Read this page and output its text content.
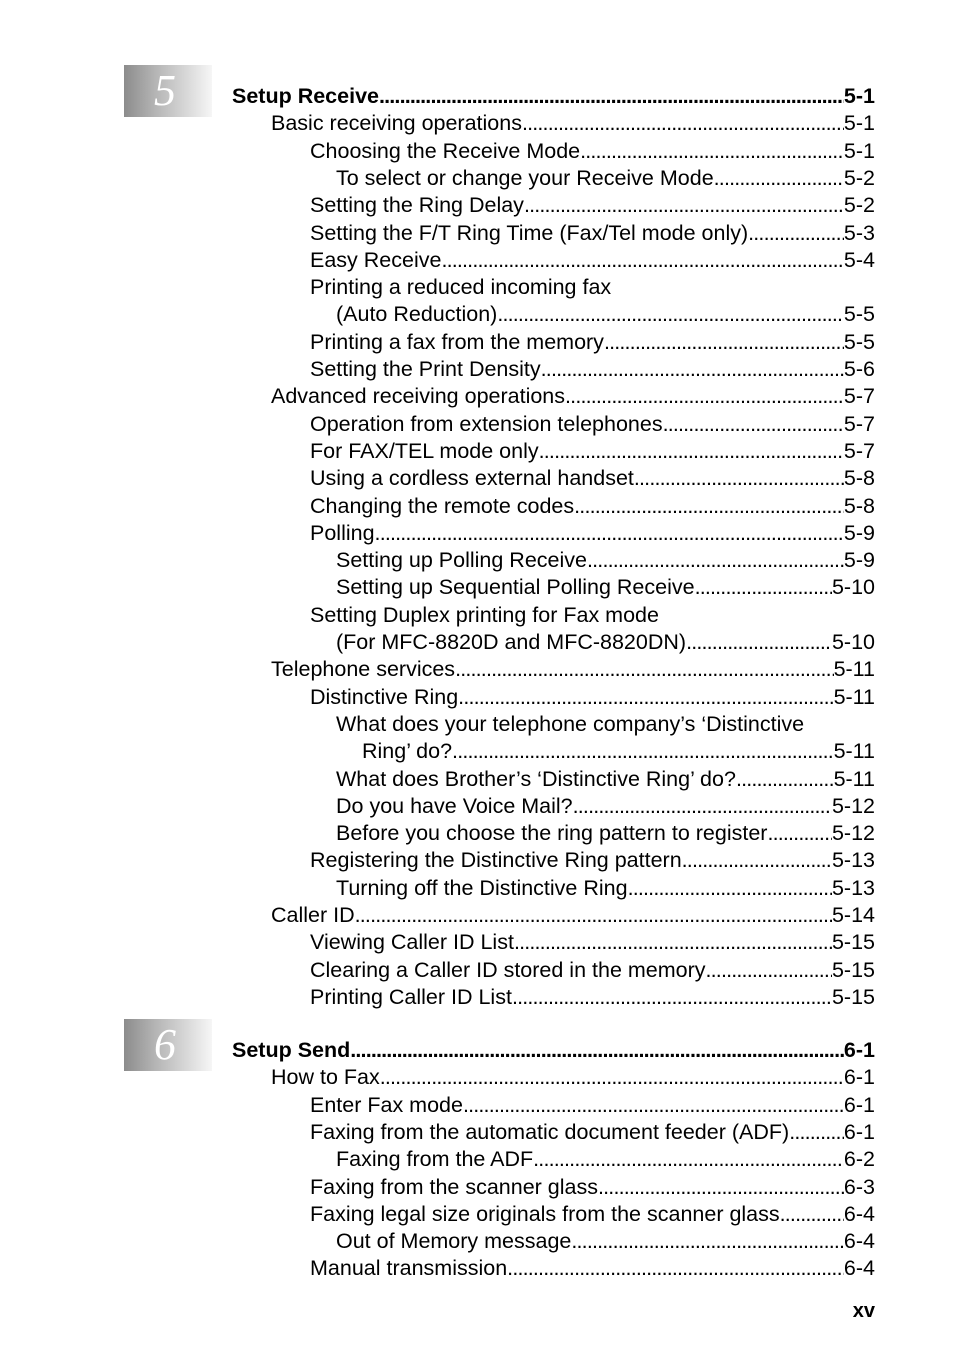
5	Setup Receive . . .	5-1
Basic receiving operations . . .	5-1
Choosing the Receive Mode . . .	5-1
To select or change your Receive Mode . . .	5-2
Setting the Ring Delay . . .	5-2
Setting the F/T Ring Time (Fax/Tel mode only) . . .	5-3
Easy Receive . . .	5-4
Printing a reduced incoming fax
(Auto Reduction) . . .	5-5
Printing a fax from the memory . . .	5-5
Setting the Print Density . . .	5-6
Advanced receiving operations . . .	5-7
Operation from extension telephones . . .	5-7
For FAX/TEL mode only . . .	5-7
Using a cordless external handset . . .	5-8
Changing the remote codes . . .	5-8
Polling . . .	5-9
Setting up Polling Receive . . .	5-9
Setting up Sequential Polling Receive . . .	5-10
Setting Duplex printing for Fax mode
(For MFC-8820D and MFC-8820DN) . . .	5-10
Telephone services . . .	5-11
Distinctive Ring . . .	5-11
What does your telephone company’s ‘Distinctive
Ring’ do? . . .	5-11
What does Brother’s ‘Distinctive Ring’ do? . . .	5-11
Do you have Voice Mail? . . .	5-12
Before you choose the ring pattern to register . . .	5-12
Registering the Distinctive Ring pattern . . .	5-13
Turning off the Distinctive Ring . . .	5-13
Caller ID . . .	5-14
Viewing Caller ID List . . .	5-15
Clearing a Caller ID stored in the memory . . .	5-15
Printing Caller ID List . . .	5-15
6	Setup Send . . .	6-1
How to Fax . . .	6-1
Enter Fax mode . . .	6-1
Faxing from the automatic document feeder (ADF) . . .	6-1
Faxing from the ADF . . .	6-2
Faxing from the scanner glass . . .	6-3
Faxing legal size originals from the scanner glass . . .	6-4
Out of Memory message . . .	6-4
Manual transmission . . .	6-4
xv
